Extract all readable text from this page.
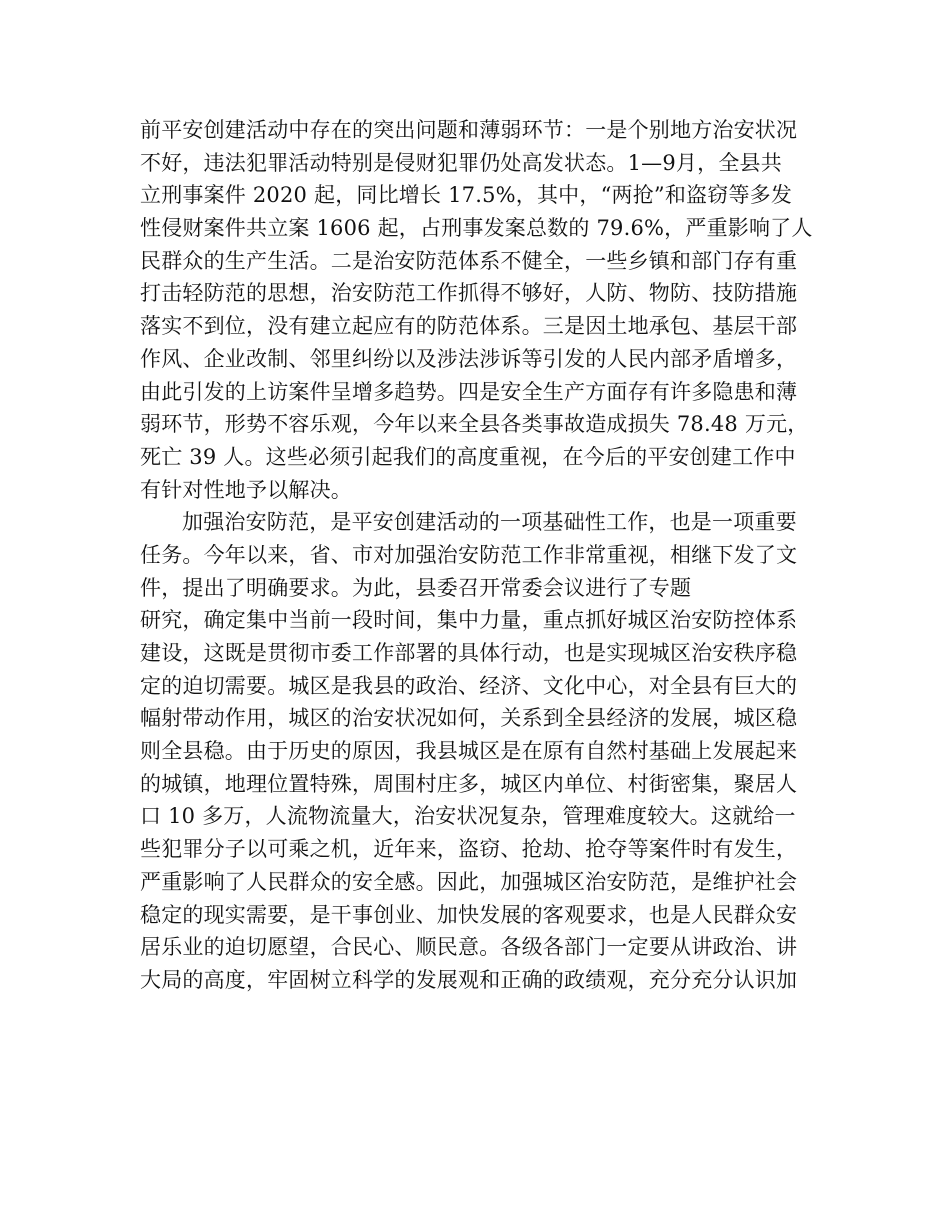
前平安创建活动中存在的突出问题和薄弱环节：一是个别地方治安状况
不好，违法犯罪活动特别是侵财犯罪仍处高发状态。1—9月，全县共
立刑事案件 2020 起，同比增长 17.5%，其中，“两抢”和盗窃等多发
性侵财案件共立案 1606 起，占刑事发案总数的 79.6%，严重影响了人
民群众的生产生活。二是治安防范体系不健全，一些乡镇和部门存有重
打击轻防范的思想，治安防范工作抓得不够好，人防、物防、技防措施
落实不到位，没有建立起应有的防范体系。三是因土地承包、基层干部
作风、企业改制、邻里纠纷以及涉法涉诉等引发的人民内部矛盾增多，
由此引发的上访案件呈增多趋势。四是安全生产方面存有许多隐患和薄
弱环节，形势不容乐观，今年以来全县各类事故造成损失 78.48 万元，
死亡 39 人。这些必须引起我们的高度重视，在今后的平安创建工作中
有针对性地予以解决。
加强治安防范，是平安创建活动的一项基础性工作，也是一项重要
任务。今年以来，省、市对加强治安防范工作非常重视，相继下发了文
件，提出了明确要求。为此，县委召开常委会议进行了专题
研究，确定集中当前一段时间，集中力量，重点抓好城区治安防控体系
建设，这既是贯彻市委工作部署的具体行动，也是实现城区治安秩序稳
定的迫切需要。城区是我县的政治、经济、文化中心，对全县有巨大的
幅射带动作用，城区的治安状况如何，关系到全县经济的发展，城区稳
则全县稳。由于历史的原因，我县城区是在原有自然村基础上发展起来
的城镇，地理位置特殊，周围村庄多，城区内单位、村街密集，聚居人
口 10 多万，人流物流量大，治安状况复杂，管理难度较大。这就给一
些犯罪分子以可乘之机，近年来，盗窃、抢劫、抢夺等案件时有发生，
严重影响了人民群众的安全感。因此，加强城区治安防范，是维护社会
稳定的现实需要，是干事创业、加快发展的客观要求，也是人民群众安
居乐业的迫切愿望，合民心、顺民意。各级各部门一定要从讲政治、讲
大局的高度，牢固树立科学的发展观和正确的政绩观，充分充分认识加
